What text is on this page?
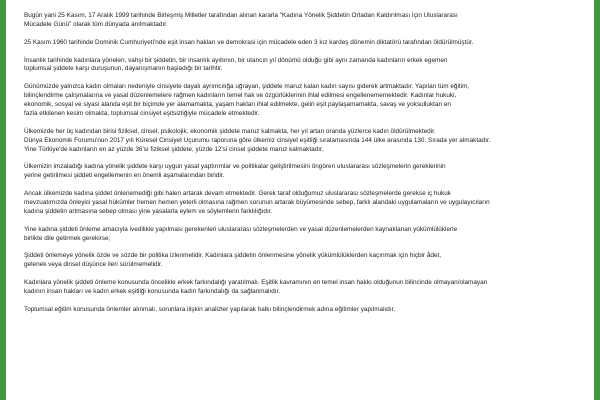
Bugün yani 25 Kasım, 17 Aralık 1999 tarihinde Birleşmiş Milletler tarafından alınan kararla "Kadına Yönelik Şiddetin Ortadan Kaldırılması İçin Uluslararası
Mücadele Günü" olarak tüm dünyada anılmaktadır.

25 Kasım 1960 tarihinde Dominik Cumhuriyeti'nde eşit insan hakları ve demokrasi için mücadele eden 3 kız kardeş dönemin diktatörü tarafından öldürülmüştür.

İnsanlık tarihinde kadınlara yönelen, vahşi bir şiddetin, bir insanlık ayıbının, bir utancın yıl dönümü olduğu gibi aynı zamanda kadınların erkek egemen
toplumsal şiddete karşı duruşunun, dayanışmanın başladığı bir tarihtir.

Günümüzde yalnızca kadın olmaları nedeniyle cinsiyete dayalı ayrımcılığa uğrayan, şiddete maruz kalan kadın sayısı giderek artmaktadır. Yapılan tüm eğitim,
bilinçlendirme çalışmalarına ve yasal düzenlemelere rağmen kadınların temel hak ve özgürlüklerinin ihlal edilmesi engellenememektedir. Kadınlar hukuki,
ekonomik, sosyal ve siyasi alanda eşit bir biçimde yer alamamakta, yaşam hakları ihlal edilmekte, geliri eşit paylaşamamakta, savaş ve yoksulluktan en
fazla etkilenen kesim olmakta, toplumsal cinsiyet eşitsizliğiyle mücadele etmektedir.

Ülkemizde her üç kadından birisi fiziksel, cinsel, psikolojik, ekonomik şiddete maruz kalmakta, her yıl artan oranda yüzlerce kadın öldürülmektedir.
Dünya Ekonomik Forumu'nun 2017 yılı Küresel Cinsiyet Uçurumu raporuna göre ülkemiz cinsiyet eşitliği sıralamasında 144 ülke arasında 130. Sırada yer almaktadır.
Yine Türkiye'de kadınların en az yüzde 36'sı fiziksel şiddete, yüzde 12'si cinsel şiddete maruz kalmaktadır.

Ülkemizin imzaladığı kadına yönelik şiddete karşı uygun yasal yaptırımlar ve politikalar geliştirilmesini öngören uluslararası sözleşmelerin gereklerinin
yerine getirilmesi şiddeti engellemenin en önemli aşamalarından biridir.

Ancak ülkemizde kadına şiddet önlenemediği gibi halen artarak devam etmektedir. Gerek taraf olduğumuz uluslararası sözleşmelerde gerekse iç hukuk
mevzuatımızda önleyici yasal hükümler hemen hemen yeterli olmasına rağmen sorunun artarak büyümesinde sebep, farklı alandaki uygulamaların ve uygulayıcıların
kadına şiddetin artmasına sebep olması yine yasalarla eylem ve söylemlerin farklılığıdır.

Yine kadına şiddeti önleme amacıyla ivedilikle yapılması gerekenleri uluslararası sözleşmelerden ve yasal düzenlemelerden kaynaklanan yükümlülüklerle
birlikte dile getirmek gerekirse;

Şiddeti önlemeye yönelik özde ve sözde bir politika izlenmelidir. Kadınlara şiddetin önlenmesine yönelik yükümlülüklerden kaçınmak için hiçbir ådet,
gelenek veya dinsel düşünce ileri sürülmemelidir.

Kadınlara yönelik şiddeti önleme konusunda öncelikle erkek farkındalığı yaratılmalı. Eşitlik kavramının en temel insan hakkı olduğunun bilincinde olmayan/olamayan
kadının insan hakları ve kadın erkek eşitliği konusunda kadın farkındalığı da sağlanmalıdır.

Toplumsal eğitim konusunda önlemler alınmalı, sorunlara ilişkin analizler yapılarak halkı bilinçlendirmek adına eğitimler yapılmalıdır.
